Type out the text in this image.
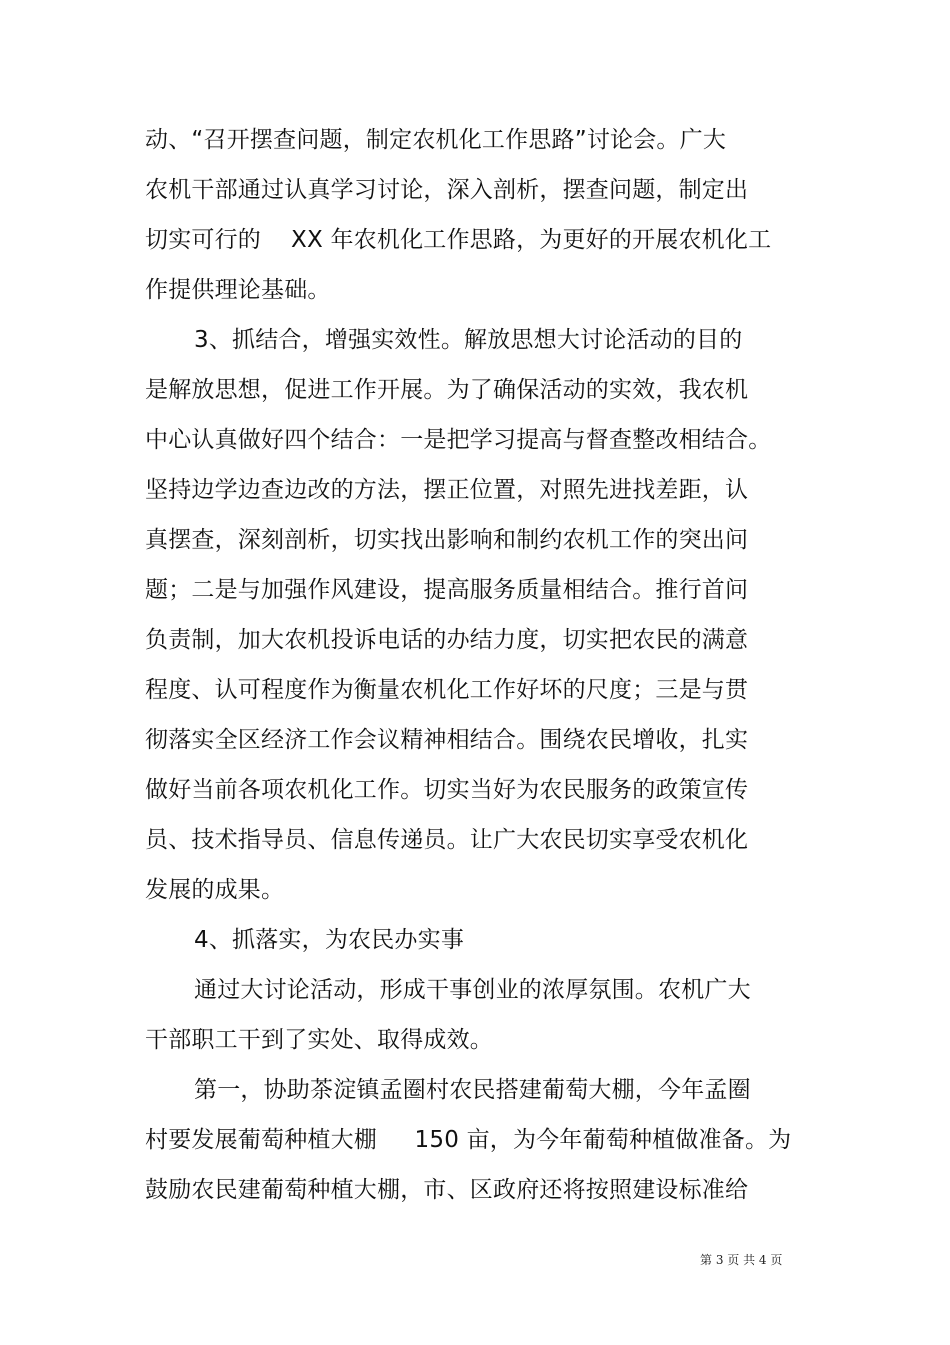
动、“召开摆查问题，制定农机化工作思路”讨论会。广大
农机干部通过认真学习讨论，深入剖析，摆查问题，制定出
切实可行的    XX 年农机化工作思路，为更好的开展农机化工
作提供理论基础。
3、抓结合，增强实效性。解放思想大讨论活动的目的
是解放思想，促进工作开展。为了确保活动的实效，我农机
中心认真做好四个结合：一是把学习提高与督查整改相结合。
坚持边学边查边改的方法，摆正位置，对照先进找差距，认
真摆查，深刻剖析，切实找出影响和制约农机工作的突出问
题；二是与加强作风建设，提高服务质量相结合。推行首问
负责制，加大农机投诉电话的办结力度，切实把农民的满意
程度、认可程度作为衡量农机化工作好坏的尺度；三是与贯
彻落实全区经济工作会议精神相结合。围绕农民增收，扎实
做好当前各项农机化工作。切实当好为农民服务的政策宣传
员、技术指导员、信息传递员。让广大农民切实享受农机化
发展的成果。
4、抓落实，为农民办实事
通过大讨论活动，形成干事创业的浓厚氛围。农机广大
干部职工干到了实处、取得成效。
第一，协助茶淀镇孟圈村农民搭建葡萄大棚，今年孟圈
村要发展葡萄种植大棚     150 亩，为今年葡萄种植做准备。为
鼓励农民建葡萄种植大棚，市、区政府还将按照建设标准给
第 3 页 共 4 页
